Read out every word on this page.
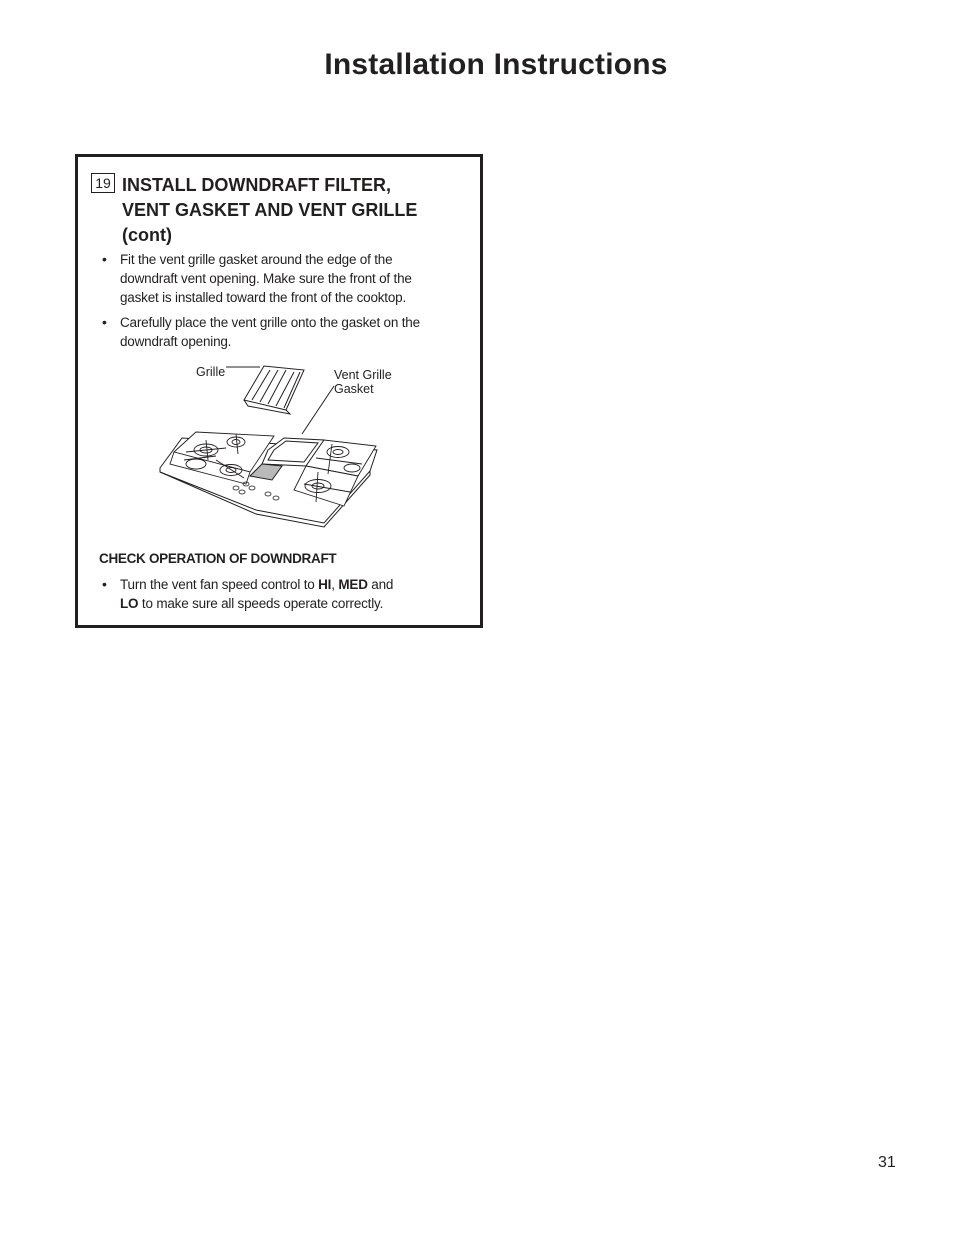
Installation Instructions
19 INSTALL DOWNDRAFT FILTER, VENT GASKET AND VENT GRILLE (cont)
• Fit the vent grille gasket around the edge of the downdraft vent opening. Make sure the front of the gasket is installed toward the front of the cooktop.
• Carefully place the vent grille onto the gasket on the downdraft opening.
Grille	Vent Grille Gasket
CHECK OPERATION OF DOWNDRAFT
• Turn the vent fan speed control to HI, MED and
LO to make sure all speeds operate correctly.
31
